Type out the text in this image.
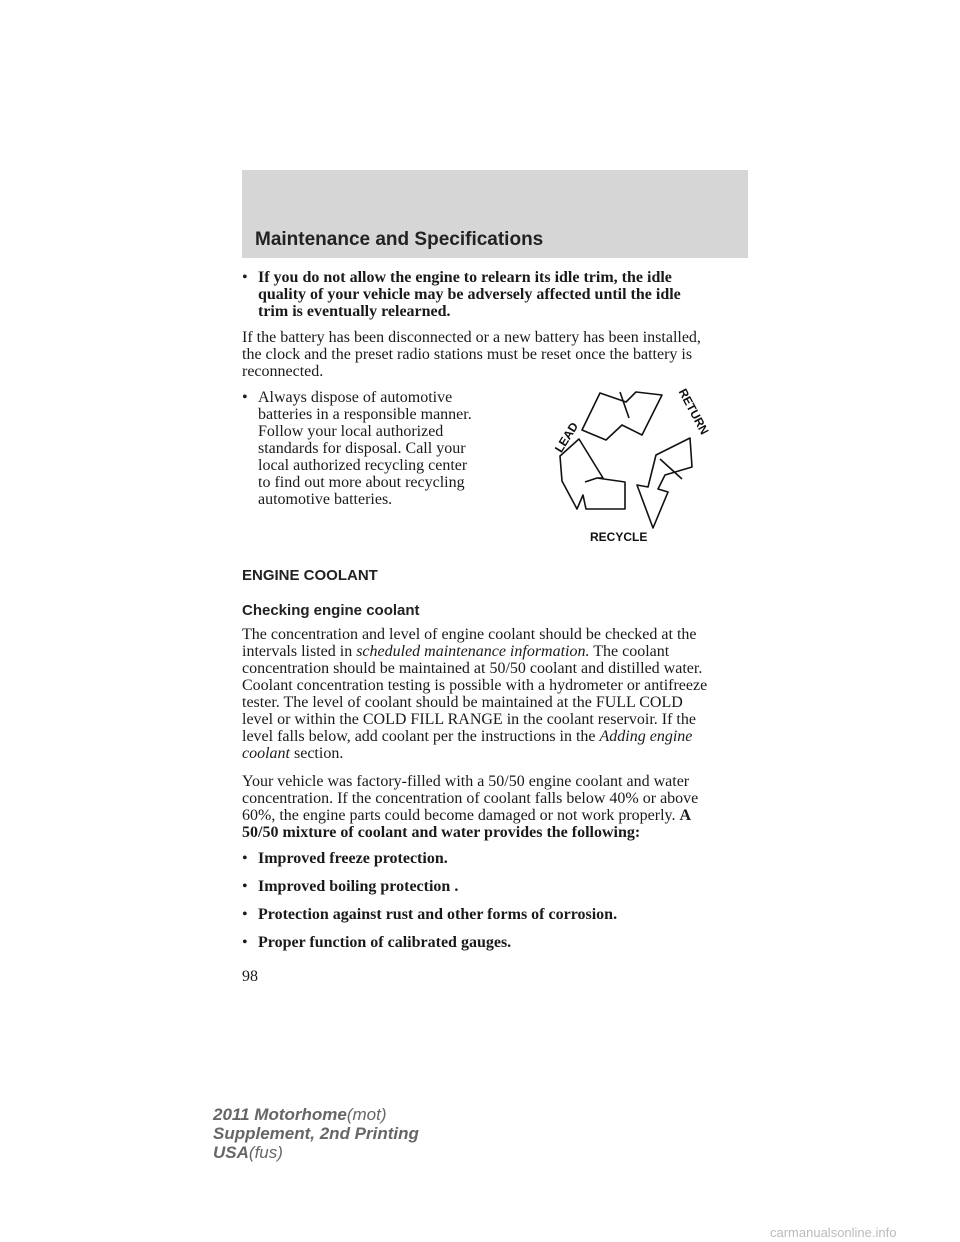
Maintenance and Specifications
• If you do not allow the engine to relearn its idle trim, the idle
quality of your vehicle may be adversely affected until the idle
trim is eventually relearned.
If the battery has been disconnected or a new battery has been installed,
the clock and the preset radio stations must be reset once the battery is
reconnected.
• Always dispose of automotive
batteries in a responsible manner.
Follow your local authorized
standards for disposal. Call your
local authorized recycling center
to find out more about recycling
automotive batteries.
LEAD
RETURN
RECYCLE
ENGINE COOLANT
Checking engine coolant
The concentration and level of engine coolant should be checked at the
intervals listed in scheduled maintenance information. The coolant
concentration should be maintained at 50/50 coolant and distilled water.
Coolant concentration testing is possible with a hydrometer or antifreeze
tester. The level of coolant should be maintained at the FULL COLD
level or within the COLD FILL RANGE in the coolant reservoir. If the
level falls below, add coolant per the instructions in the Adding engine
coolant section.
Your vehicle was factory-filled with a 50/50 engine coolant and water
concentration. If the concentration of coolant falls below 40% or above
60%, the engine parts could become damaged or not work properly. A
50/50 mixture of coolant and water provides the following:
• Improved freeze protection.
• Improved boiling protection .
• Protection against rust and other forms of corrosion.
• Proper function of calibrated gauges.
98
2011 Motorhome(mot)
Supplement, 2nd Printing
USA(fus)
carmanualsonline.info
